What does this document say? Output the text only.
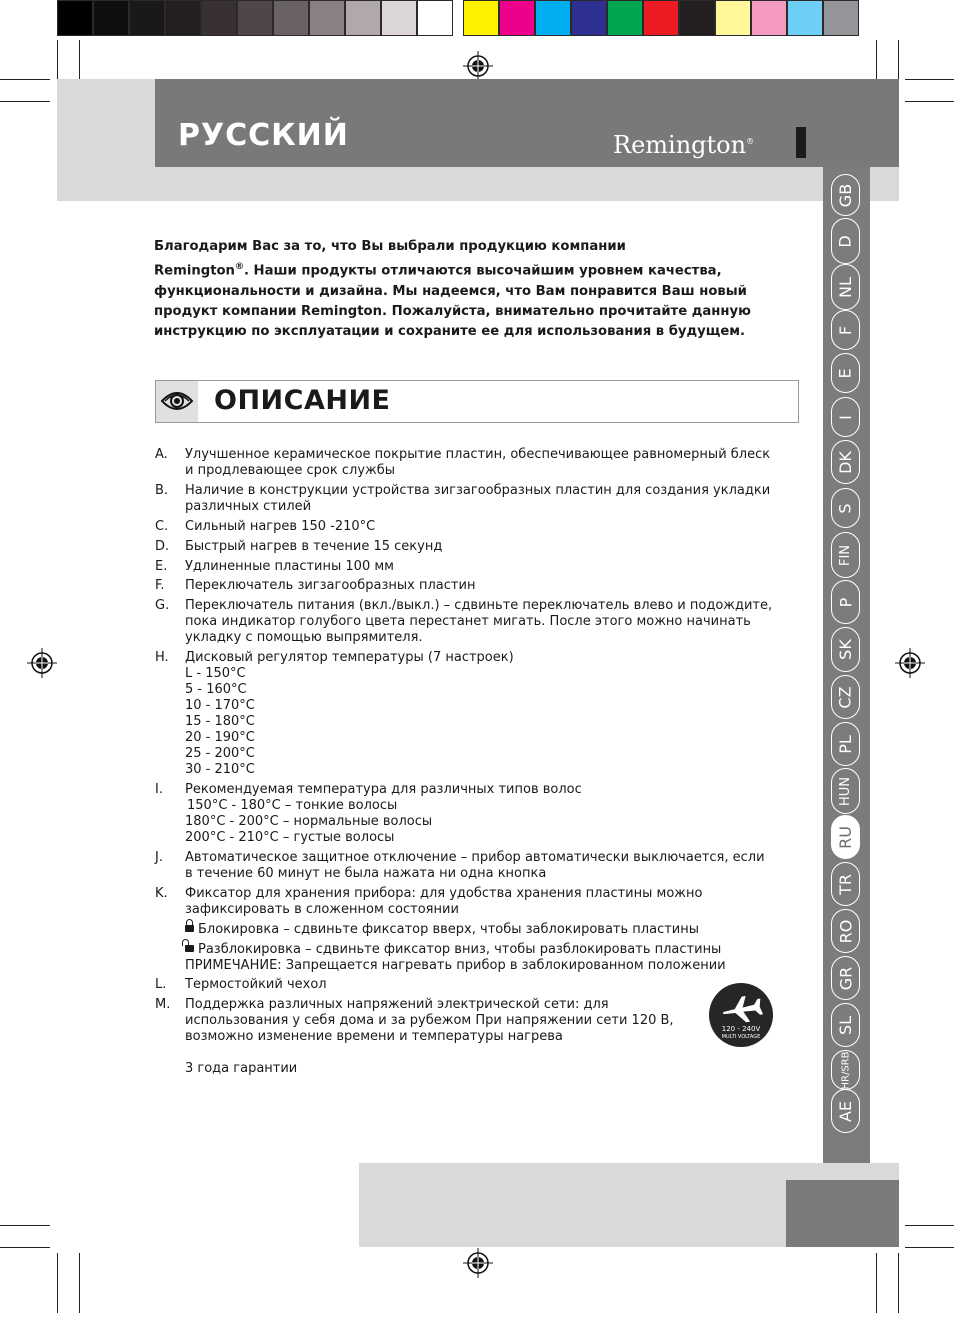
РУССКИЙ	Remington®
GB
D
NL
F
E
I
DK
S
FIN
P
SK
CZ
PL
HUN
RU
TR
RO
GR
SL
HR/SRB
AE
Благодарим Вас за то, что Вы выбрали продукцию компании
Remington®. Наши продукты отличаются высочайшим уровнем качества,
функциональности и дизайна. Мы надеемся, что Вам понравится Ваш новый
продукт компании Remington. Пожалуйста, внимательно прочитайте данную
инструкцию по эксплуатации и сохраните ее для использования в будущем.
ОПИСАНИЕ
A. Улучшенное керамическое покрытие пластин, обеспечивающее равномерный блеск
и продлевающее срок службы
B. Наличие в конструкции устройства зигзагообразных пластин для создания укладки
различных стилей
C. Сильный нагрев 150 -210°C
D. Быстрый нагрев в течение 15 секунд
E. Удлиненные пластины 100 мм
F. Переключатель зигзагообразных пластин
G. Переключатель питания (вкл./выкл.) – сдвиньте переключатель влево и подождите,
пока индикатор голубого цвета перестанет мигать. После этого можно начинать
укладку с помощью выпрямителя.
H. Дисковый регулятор температуры (7 настроек)
L - 150°C
5 - 160°C
10 - 170°C
15 - 180°C
20 - 190°C
25 - 200°C
30 - 210°C
I. Рекомендуемая температура для различных типов волос
150°C - 180°C – тонкие волосы
180°C - 200°C – нормальные волосы
200°C - 210°C – густые волосы
J. Автоматическое защитное отключение – прибор автоматически выключается, если
в течение 60 минут не была нажата ни одна кнопка
K. Фиксатор для хранения прибора: для удобства хранения пластины можно
зафиксировать в сложенном состоянии
Блокировка – сдвиньте фиксатор вверх, чтобы заблокировать пластины
Разблокировка – сдвиньте фиксатор вниз, чтобы разблокировать пластины
ПРИМЕЧАНИЕ: Запрещается нагревать прибор в заблокированном положении
L. Термостойкий чехол
M. Поддержка различных напряжений электрической сети: для
использования у себя дома и за рубежом При напряжении сети 120 В,
возможно изменение времени и температуры нагрева
3 года гарантии
120 - 240V
MULTI VOLTAGE
